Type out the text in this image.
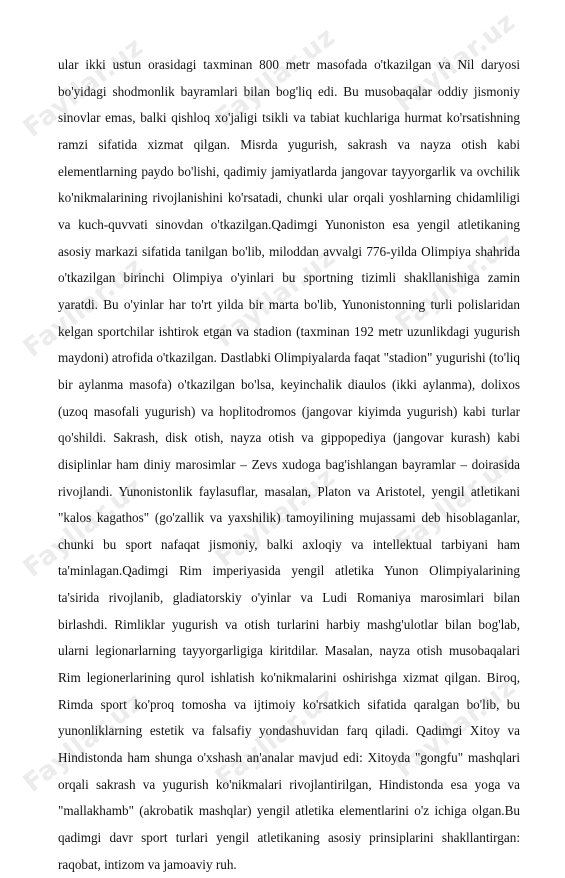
Fayllar.uz Fayllar.uz Fayllar.uz
Fayllar.uz Fayllar.uz Fayllar.uz
Fayllar.uz Fayllar.uz Fayllar.uz
Fayllar.uz Fayllar.uz Fayllar.uz

ular ikki ustun orasidagi taxminan 800 metr masofada o'tkazilgan va Nil daryosi bo'yidagi shodmonlik bayramlari bilan bog'liq edi. Bu musobaqalar oddiy jismoniy sinovlar emas, balki qishloq xo'jaligi tsikli va tabiat kuchlariga hurmat ko'rsatishning ramzi sifatida xizmat qilgan. Misrda yugurish, sakrash va nayza otish kabi elementlarning paydo bo'lishi, qadimiy jamiyatlarda jangovar tayyorgarlik va ovchilik ko'nikmalarining rivojlanishini ko'rsatadi, chunki ular orqali yoshlarning chidamliligi va kuch-quvvati sinovdan o'tkazilgan.Qadimgi Yunoniston esa yengil atletikaning asosiy markazi sifatida tanilgan bo'lib, miloddan avvalgi 776-yilda Olimpiya shahrida o'tkazilgan birinchi Olimpiya o'yinlari bu sportning tizimli shakllanishiga zamin yaratdi. Bu o'yinlar har to'rt yilda bir marta bo'lib, Yunonistonning turli polislaridan kelgan sportchilar ishtirok etgan va stadion (taxminan 192 metr uzunlikdagi yugurish maydoni) atrofida o'tkazilgan. Dastlabki Olimpiyalarda faqat "stadion" yugurishi (to'liq bir aylanma masofa) o'tkazilgan bo'lsa, keyinchalik diaulos (ikki aylanma), dolixos (uzoq masofali yugurish) va hoplitodromos (jangovar kiyimda yugurish) kabi turlar qo'shildi. Sakrash, disk otish, nayza otish va gippopediya (jangovar kurash) kabi disiplinlar ham diniy marosimlar – Zevs xudoga bag'ishlangan bayramlar – doirasida rivojlandi. Yunonistonlik faylasuflar, masalan, Platon va Aristotel, yengil atletikani "kalos kagathos" (go'zallik va yaxshilik) tamoyilining mujassami deb hisoblaganlar, chunki bu sport nafaqat jismoniy, balki axloqiy va intellektual tarbiyani ham ta'minlagan.Qadimgi Rim imperiyasida yengil atletika Yunon Olimpiyalarining ta'sirida rivojlanib, gladiatorskiy o'yinlar va Ludi Romaniya marosimlari bilan birlashdi. Rimliklar yugurish va otish turlarini harbiy mashg'ulotlar bilan bog'lab, ularni legionarlarning tayyorgarligiga kiritdilar. Masalan, nayza otish musobaqalari Rim legionerlarining qurol ishlatish ko'nikmalarini oshirishga xizmat qilgan. Biroq, Rimda sport ko'proq tomosha va ijtimoiy ko'rsatkich sifatida qaralgan bo'lib, bu yunonliklarning estetik va falsafiy yondashuvidan farq qiladi. Qadimgi Xitoy va Hindistonda ham shunga o'xshash an'analar mavjud edi: Xitoyda "gongfu" mashqlari orqali sakrash va yugurish ko'nikmalari rivojlantirilgan, Hindistonda esa yoga va "mallakhamb" (akrobatik mashqlar) yengil atletika elementlarini o'z ichiga olgan.Bu qadimgi davr sport turlari yengil atletikaning asosiy prinsiplarini shakllantirgan: raqobat, intizom va jamoaviy ruh.
